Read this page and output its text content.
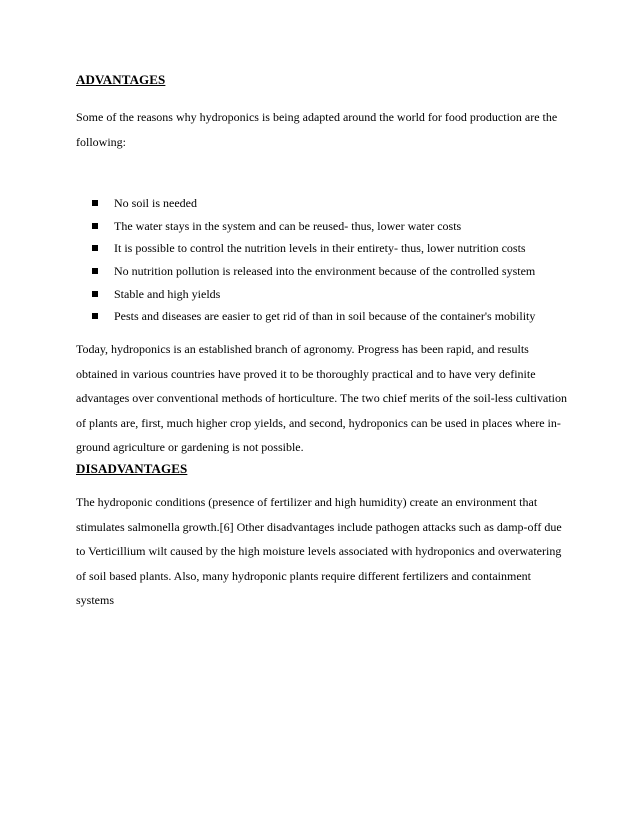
ADVANTAGES

Some of the reasons why hydroponics is being adapted around the world for food production are the following:

No soil is needed
The water stays in the system and can be reused- thus, lower water costs
It is possible to control the nutrition levels in their entirety- thus, lower nutrition costs
No nutrition pollution is released into the environment because of the controlled system
Stable and high yields
Pests and diseases are easier to get rid of than in soil because of the container's mobility

Today, hydroponics is an established branch of agronomy. Progress has been rapid, and results obtained in various countries have proved it to be thoroughly practical and to have very definite advantages over conventional methods of horticulture. The two chief merits of the soil-less cultivation of plants are, first, much higher crop yields, and second, hydroponics can be used in places where in-ground agriculture or gardening is not possible.

DISADVANTAGES

The hydroponic conditions (presence of fertilizer and high humidity) create an environment that stimulates salmonella growth.[6] Other disadvantages include pathogen attacks such as damp-off due to Verticillium wilt caused by the high moisture levels associated with hydroponics and overwatering of soil based plants. Also, many hydroponic plants require different fertilizers and containment systems
